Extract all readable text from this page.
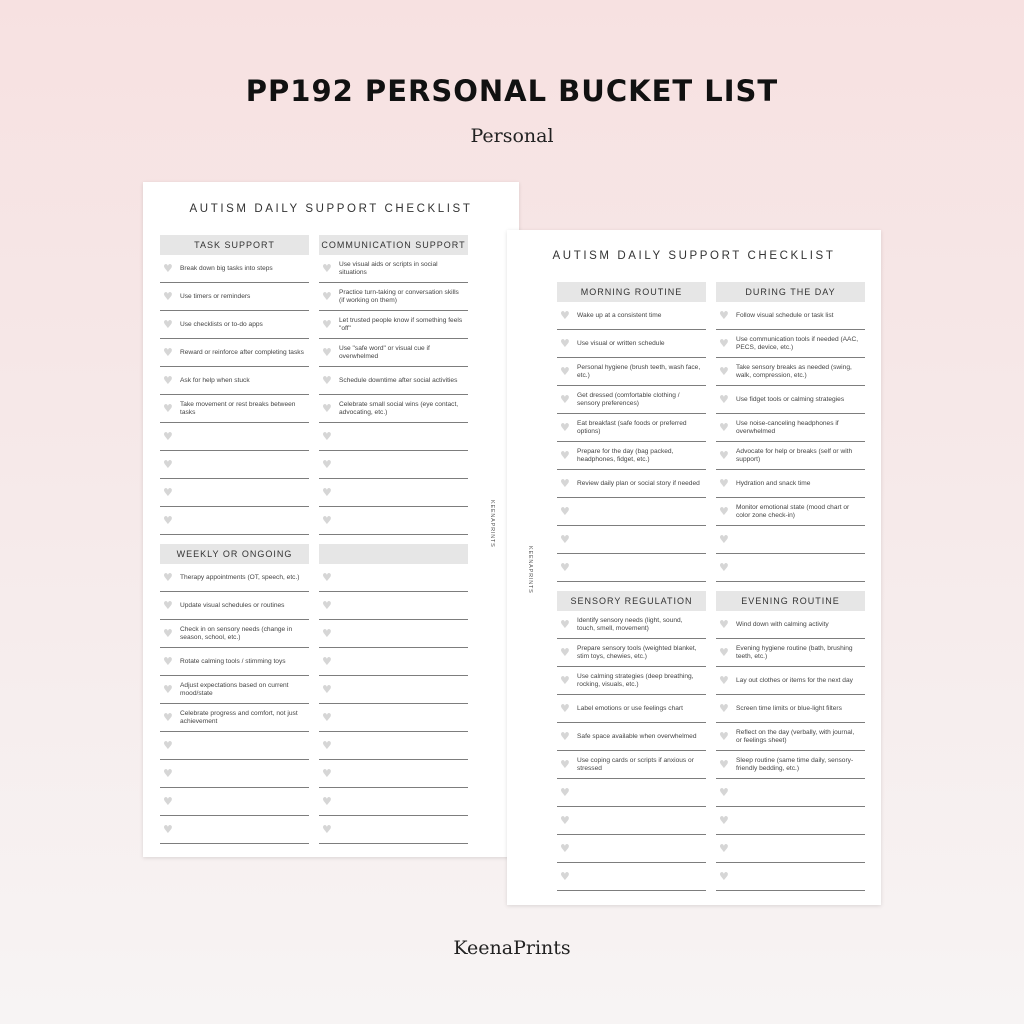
PP192 PERSONAL BUCKET LIST
Personal
AUTISM DAILY SUPPORT CHECKLIST
KEENAPRINTS
TASK SUPPORT
♥	Break down big tasks into steps
♥	Use timers or reminders
♥	Use checklists or to-do apps
♥	Reward or reinforce after completing tasks
♥	Ask for help when stuck
♥	Take movement or rest breaks between tasks
♥
♥
♥
♥
COMMUNICATION SUPPORT
♥	Use visual aids or scripts in social situations
♥	Practice turn-taking or conversation skills (if working on them)
♥	Let trusted people know if something feels "off"
♥	Use "safe word" or visual cue if overwhelmed
♥	Schedule downtime after social activities
♥	Celebrate small social wins (eye contact, advocating, etc.)
♥
♥
♥
♥
WEEKLY OR ONGOING
♥	Therapy appointments (OT, speech, etc.)
♥	Update visual schedules or routines
♥	Check in on sensory needs (change in season, school, etc.)
♥	Rotate calming tools / stimming toys
♥	Adjust expectations based on current mood/state
♥	Celebrate progress and comfort, not just achievement
♥
♥
♥
♥
♥
♥
♥
♥
♥
♥
♥
♥
♥
♥
AUTISM DAILY SUPPORT CHECKLIST
KEENAPRINTS
MORNING ROUTINE
♥	Wake up at a consistent time
♥	Use visual or written schedule
♥	Personal hygiene (brush teeth, wash face, etc.)
♥	Get dressed (comfortable clothing / sensory preferences)
♥	Eat breakfast (safe foods or preferred options)
♥	Prepare for the day (bag packed, headphones, fidget, etc.)
♥	Review daily plan or social story if needed
♥
♥
♥
DURING THE DAY
♥	Follow visual schedule or task list
♥	Use communication tools if needed (AAC, PECS, device, etc.)
♥	Take sensory breaks as needed (swing, walk, compression, etc.)
♥	Use fidget tools or calming strategies
♥	Use noise-canceling headphones if overwhelmed
♥	Advocate for help or breaks (self or with support)
♥	Hydration and snack time
♥	Monitor emotional state (mood chart or color zone check-in)
♥
♥
SENSORY REGULATION
♥	Identify sensory needs (light, sound, touch, smell, movement)
♥	Prepare sensory tools (weighted blanket, stim toys, chewies, etc.)
♥	Use calming strategies (deep breathing, rocking, visuals, etc.)
♥	Label emotions or use feelings chart
♥	Safe space available when overwhelmed
♥	Use coping cards or scripts if anxious or stressed
♥
♥
♥
♥
EVENING ROUTINE
♥	Wind down with calming activity
♥	Evening hygiene routine (bath, brushing teeth, etc.)
♥	Lay out clothes or items for the next day
♥	Screen time limits or blue-light filters
♥	Reflect on the day (verbally, with journal, or feelings sheet)
♥	Sleep routine (same time daily, sensory-friendly bedding, etc.)
♥
♥
♥
♥
KeenaPrints
